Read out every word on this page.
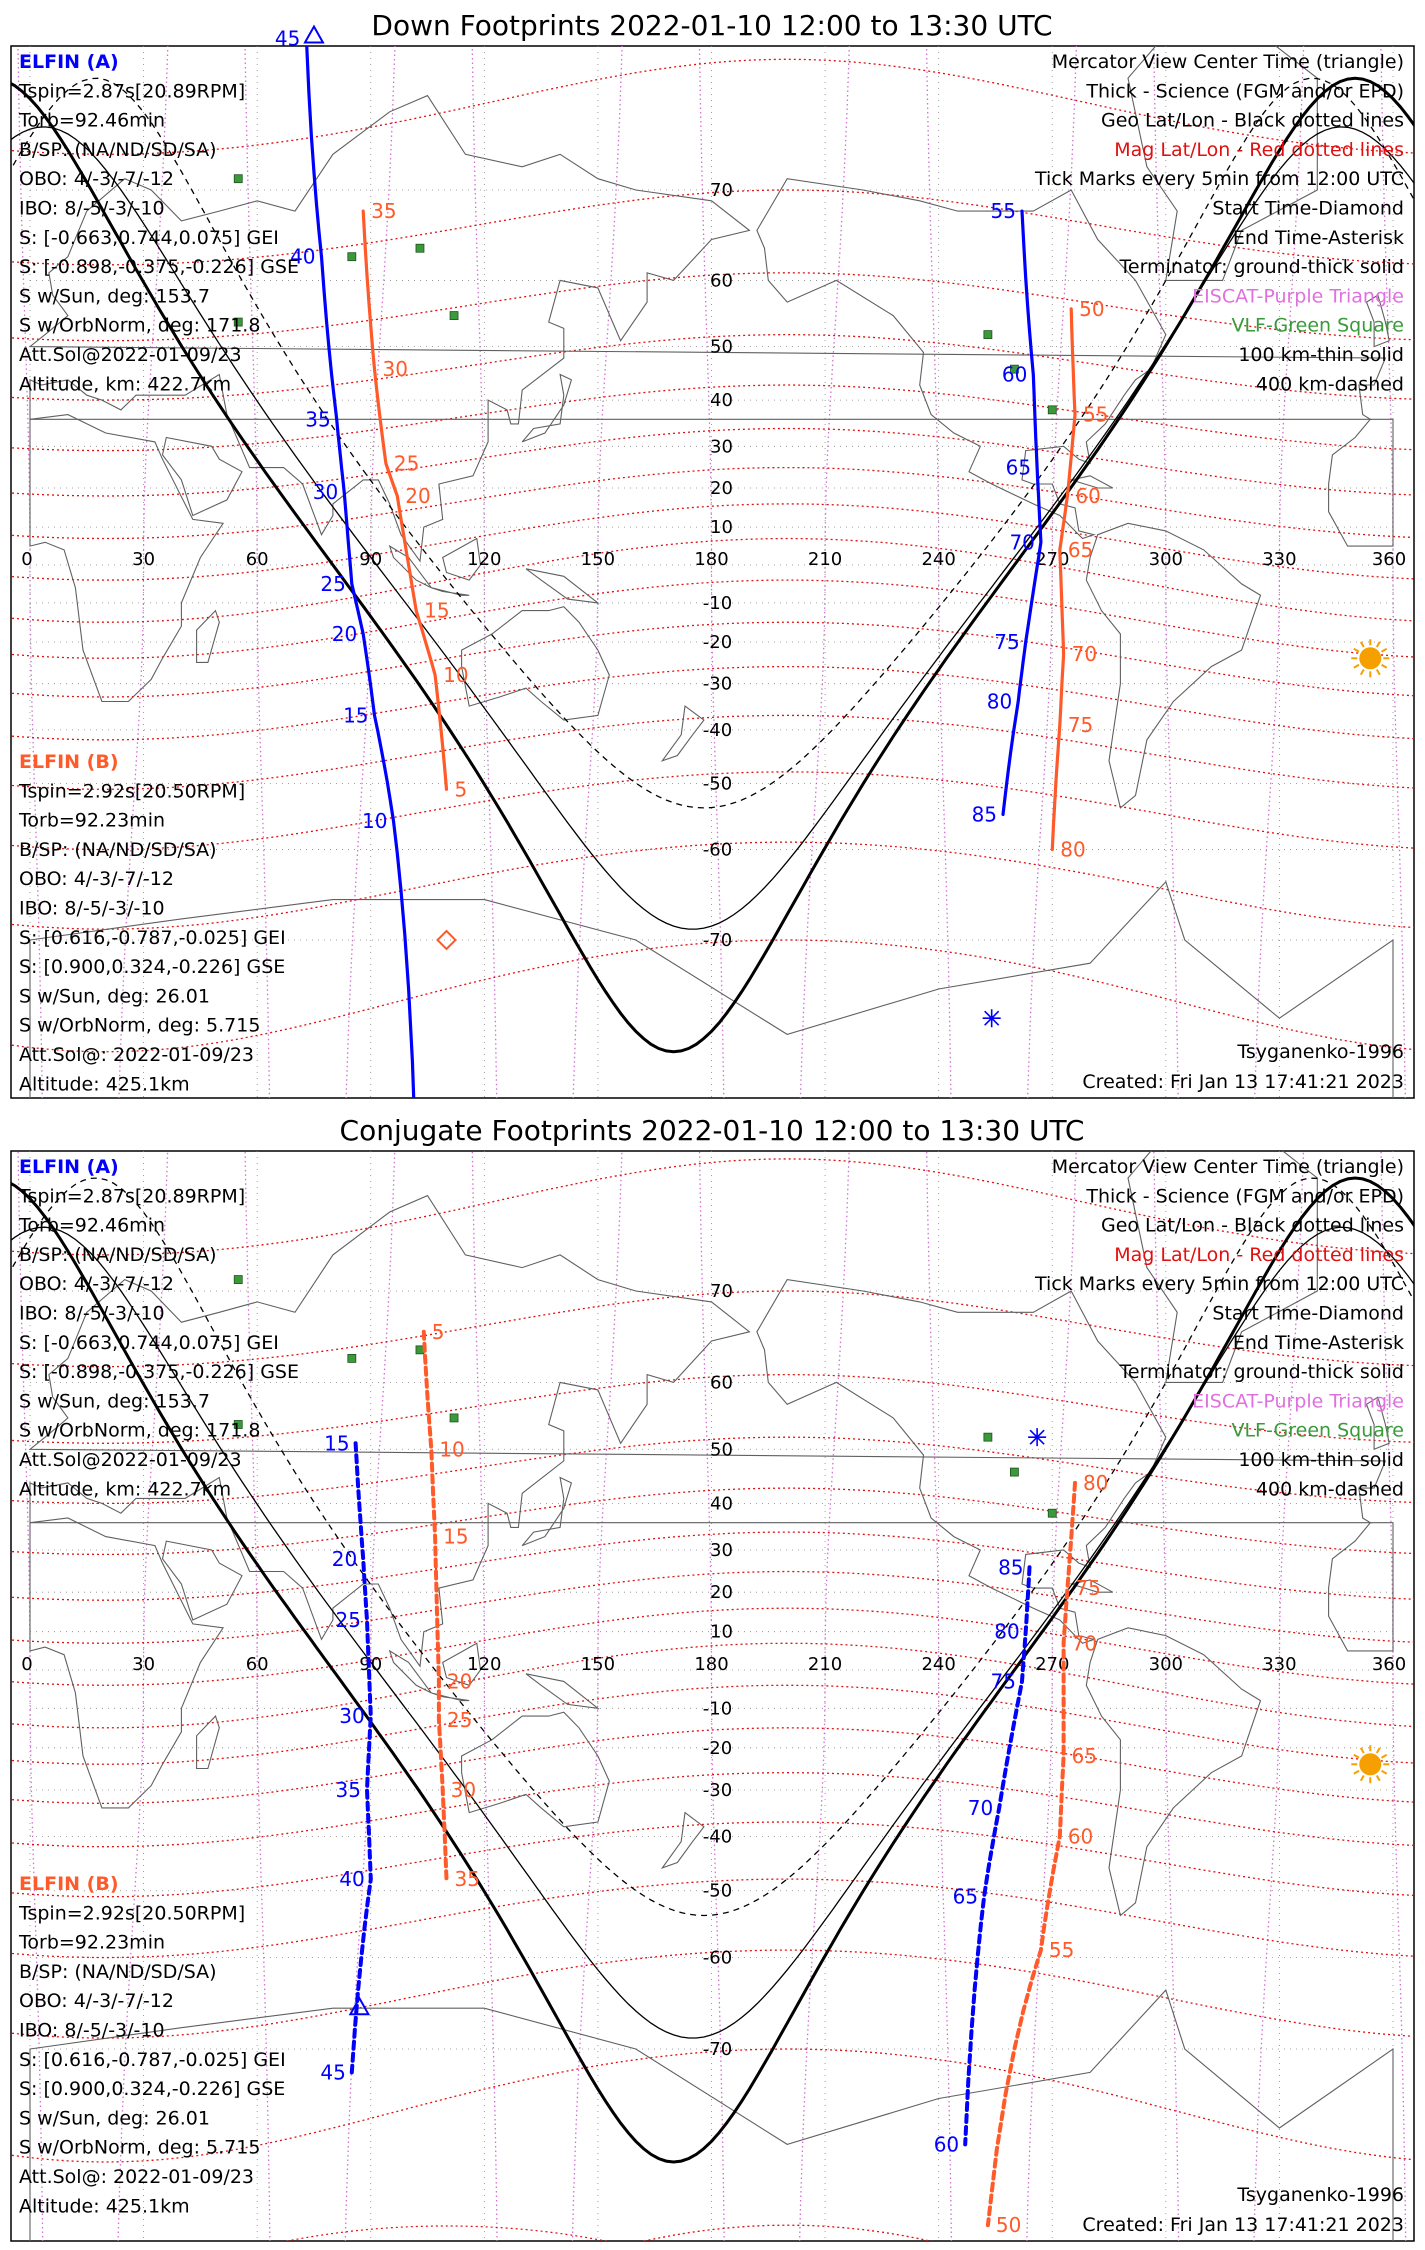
Down Footprints 2022-01-10 12:00 to 13:30 UTC
70
60
50
40
30
20
10
-10
-20
-30
-40
-50
-60
-70
0	30	60	90	120	150	180	210	240	270	300	330	360
45
40
35
30
25
20
15
10
55
60
65
70
75
80
85
35
30
25
20
15
10
5
50
55
60
65
70
75
80
ELFIN (A)
Tspin=2.87s[20.89RPM]
Torb=92.46min
B/SP: (NA/ND/SD/SA)
OBO: 4/-3/-7/-12
IBO: 8/-5/-3/-10
S: [-0.663,0.744,0.075] GEI
S: [-0.898,-0.375,-0.226] GSE
S w/Sun, deg: 153.7
S w/OrbNorm, deg: 171.8
Att.Sol@2022-01-09/23
Altitude, km: 422.7km
ELFIN (B)
Tspin=2.92s[20.50RPM]
Torb=92.23min
B/SP: (NA/ND/SD/SA)
OBO: 4/-3/-7/-12
IBO: 8/-5/-3/-10
S: [0.616,-0.787,-0.025] GEI
S: [0.900,0.324,-0.226] GSE
S w/Sun, deg: 26.01
S w/OrbNorm, deg: 5.715
Att.Sol@: 2022-01-09/23
Altitude: 425.1km
Mercator View Center Time (triangle)
Thick - Science (FGM and/or EPD)
Geo Lat/Lon - Black dotted lines
Mag Lat/Lon - Red dotted lines
Tick Marks every 5min from 12:00 UTC
Start Time-Diamond
End Time-Asterisk
Terminator: ground-thick solid
EISCAT-Purple Triangle
VLF-Green Square
100 km-thin solid
400 km-dashed
Tsyganenko-1996
Created: Fri Jan 13 17:41:21 2023
Conjugate Footprints 2022-01-10 12:00 to 13:30 UTC
70
60
50
40
30
20
10
-10
-20
-30
-40
-50
-60
-70
0	30	60	90	120	150	180	210	240	270	300	330	360
15
20
25
30
35
40
45
85
80
75
70
65
60
5
10
15
20
25
30
35
80
75
70
65
60
55
50
ELFIN (A)
Tspin=2.87s[20.89RPM]
Torb=92.46min
B/SP: (NA/ND/SD/SA)
OBO: 4/-3/-7/-12
IBO: 8/-5/-3/-10
S: [-0.663,0.744,0.075] GEI
S: [-0.898,-0.375,-0.226] GSE
S w/Sun, deg: 153.7
S w/OrbNorm, deg: 171.8
Att.Sol@2022-01-09/23
Altitude, km: 422.7km
ELFIN (B)
Tspin=2.92s[20.50RPM]
Torb=92.23min
B/SP: (NA/ND/SD/SA)
OBO: 4/-3/-7/-12
IBO: 8/-5/-3/-10
S: [0.616,-0.787,-0.025] GEI
S: [0.900,0.324,-0.226] GSE
S w/Sun, deg: 26.01
S w/OrbNorm, deg: 5.715
Att.Sol@: 2022-01-09/23
Altitude: 425.1km
Mercator View Center Time (triangle)
Thick - Science (FGM and/or EPD)
Geo Lat/Lon - Black dotted lines
Mag Lat/Lon - Red dotted lines
Tick Marks every 5min from 12:00 UTC
Start Time-Diamond
End Time-Asterisk
Terminator: ground-thick solid
EISCAT-Purple Triangle
VLF-Green Square
100 km-thin solid
400 km-dashed
Tsyganenko-1996
Created: Fri Jan 13 17:41:21 2023
